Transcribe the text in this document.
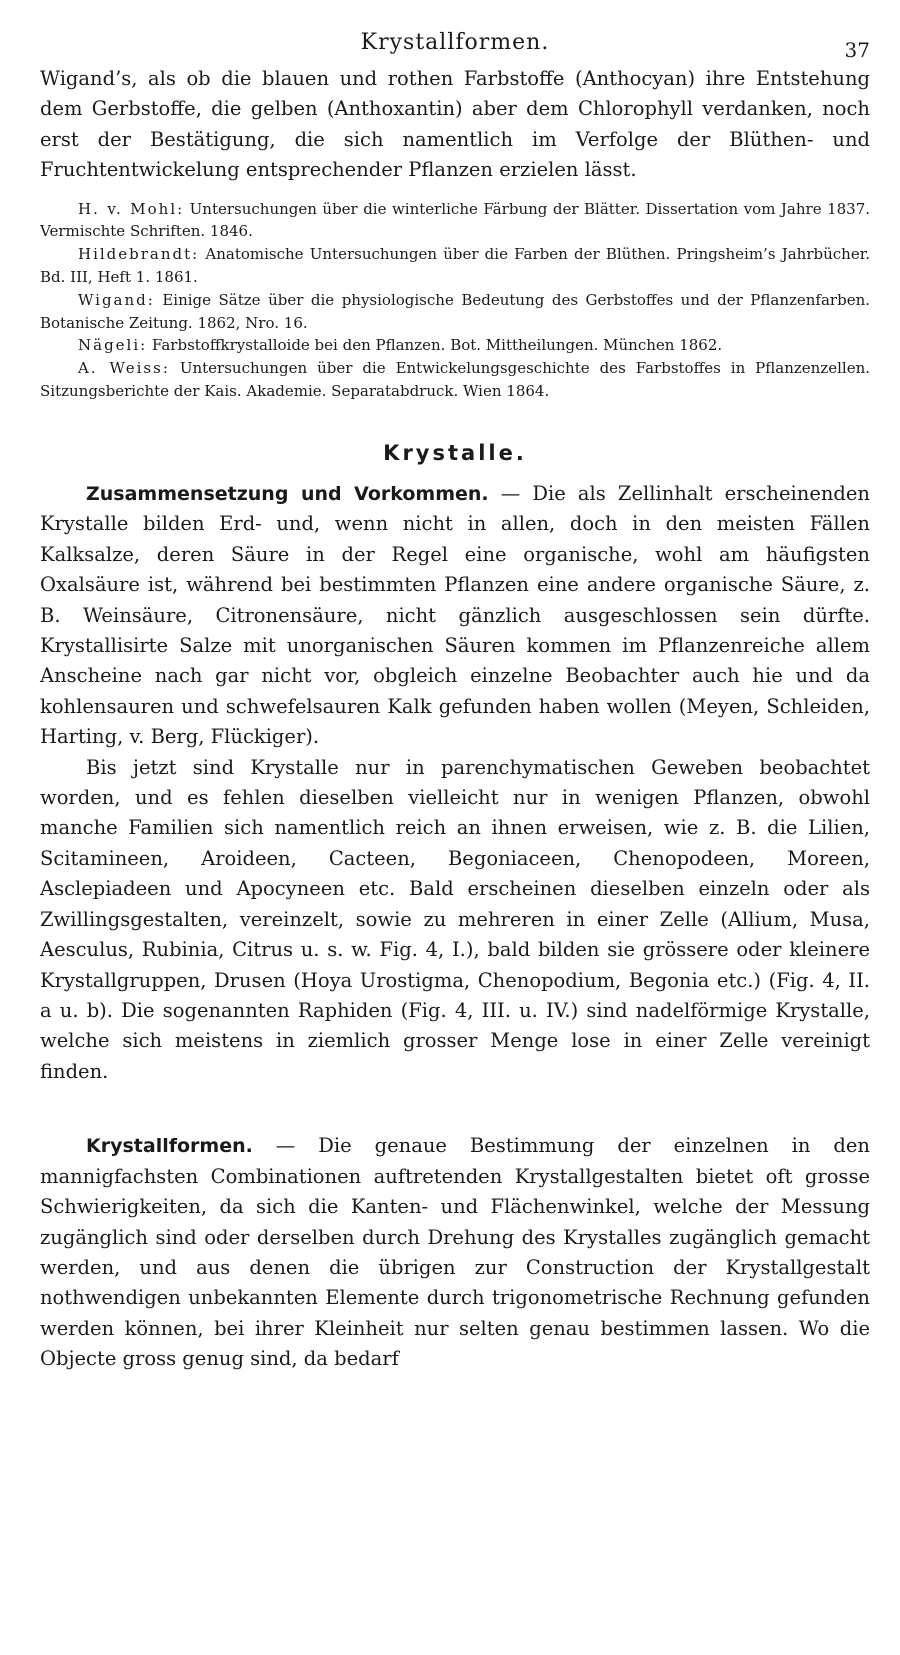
Krystallformen.	37

Wigand’s, als ob die blauen und rothen Farbstoffe (Anthocyan) ihre Entstehung dem Gerbstoffe, die gelben (Anthoxantin) aber dem Chlorophyll verdanken, noch erst der Bestätigung, die sich namentlich im Verfolge der Blüthen- und Fruchtentwickelung entsprechender Pflanzen erzielen lässt.

H. v. Mohl: Untersuchungen über die winterliche Färbung der Blätter. Dissertation vom Jahre 1837. Vermischte Schriften. 1846.

Hildebrandt: Anatomische Untersuchungen über die Farben der Blüthen. Pringsheim’s Jahrbücher. Bd. III, Heft 1. 1861.

Wigand: Einige Sätze über die physiologische Bedeutung des Gerbstoffes und der Pflanzenfarben. Botanische Zeitung. 1862, Nro. 16.

Nägeli: Farbstoffkrystalloide bei den Pflanzen. Bot. Mittheilungen. München 1862.

A. Weiss: Untersuchungen über die Entwickelungsgeschichte des Farbstoffes in Pflanzenzellen. Sitzungsberichte der Kais. Akademie. Separatabdruck. Wien 1864.

Krystalle.

Zusammensetzung und Vorkommen. — Die als Zellinhalt erscheinenden Krystalle bilden Erd- und, wenn nicht in allen, doch in den meisten Fällen Kalksalze, deren Säure in der Regel eine organische, wohl am häufigsten Oxalsäure ist, während bei bestimmten Pflanzen eine andere organische Säure, z. B. Weinsäure, Citronensäure, nicht gänzlich ausgeschlossen sein dürfte. Krystallisirte Salze mit unorganischen Säuren kommen im Pflanzenreiche allem Anscheine nach gar nicht vor, obgleich einzelne Beobachter auch hie und da kohlensauren und schwefelsauren Kalk gefunden haben wollen (Meyen, Schleiden, Harting, v. Berg, Flückiger).

Bis jetzt sind Krystalle nur in parenchymatischen Geweben beobachtet worden, und es fehlen dieselben vielleicht nur in wenigen Pflanzen, obwohl manche Familien sich namentlich reich an ihnen erweisen, wie z. B. die Lilien, Scitamineen, Aroideen, Cacteen, Begoniaceen, Chenopodeen, Moreen, Asclepiadeen und Apocyneen etc. Bald erscheinen dieselben einzeln oder als Zwillingsgestalten, vereinzelt, sowie zu mehreren in einer Zelle (Allium, Musa, Aesculus, Rubinia, Citrus u. s. w. Fig. 4, I.), bald bilden sie grössere oder kleinere Krystallgruppen, Drusen (Hoya Urostigma, Chenopodium, Begonia etc.) (Fig. 4, II. a u. b). Die sogenannten Raphiden (Fig. 4, III. u. IV.) sind nadelförmige Krystalle, welche sich meistens in ziemlich grosser Menge lose in einer Zelle vereinigt finden.

Krystallformen. — Die genaue Bestimmung der einzelnen in den mannigfachsten Combinationen auftretenden Krystallgestalten bietet oft grosse Schwierigkeiten, da sich die Kanten- und Flächenwinkel, welche der Messung zugänglich sind oder derselben durch Drehung des Krystalles zugänglich gemacht werden, und aus denen die übrigen zur Construction der Krystallgestalt nothwendigen unbekannten Elemente durch trigonometrische Rechnung gefunden werden können, bei ihrer Kleinheit nur selten genau bestimmen lassen. Wo die Objecte gross genug sind, da bedarf
